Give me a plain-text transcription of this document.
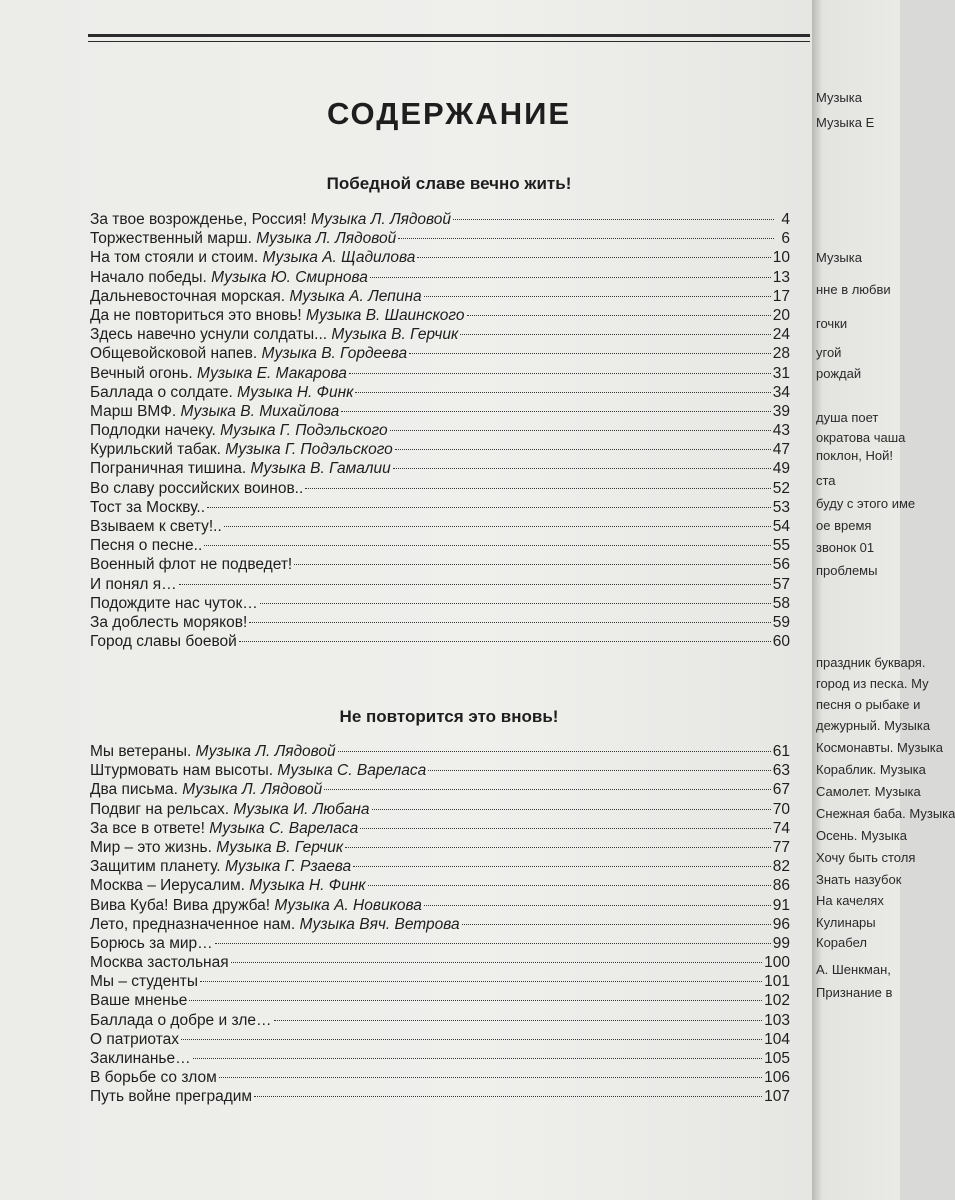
СОДЕРЖАНИЕ
Победной славе вечно жить!
За твое возрожденье, Россия! Музыка Л. Лядовой	4
Торжественный марш. Музыка Л. Лядовой	6
На том стояли и стоим. Музыка А. Щадилова	10
Начало победы. Музыка Ю. Смирнова	13
Дальневосточная морская. Музыка А. Лепина	17
Да не повториться это вновь! Музыка В. Шаинского	20
Здесь навечно уснули солдаты... Музыка В. Герчик	24
Общевойсковой напев. Музыка В. Гордеева	28
Вечный огонь. Музыка Е. Макарова	31
Баллада о солдате. Музыка Н. Финк	34
Марш ВМФ. Музыка В. Михайлова	39
Подлодки начеку. Музыка Г. Подэльского	43
Курильский табак. Музыка Г. Подэльского	47
Пограничная тишина. Музыка В. Гамалии	49
Во славу российских воинов..	52
Тост за Москву..	53
Взываем к свету!..	54
Песня о песне..	55
Военный флот не подведет!	56
И понял я…	57
Подождите нас чуток…	58
За доблесть моряков!	59
Город славы боевой	60
Не повторится это вновь!
Мы ветераны. Музыка Л. Лядовой	61
Штурмовать нам высоты. Музыка С. Вареласа	63
Два письма. Музыка Л. Лядовой	67
Подвиг на рельсах. Музыка И. Любана	70
За все в ответе! Музыка С. Вареласа	74
Мир – это жизнь. Музыка В. Герчик	77
Защитим планету. Музыка Г. Рзаева	82
Москва – Иерусалим. Музыка Н. Финк	86
Вива Куба! Вива дружба! Музыка А. Новикова	91
Лето, предназначенное нам. Музыка Вяч. Ветрова	96
Борюсь за мир…	99
Москва застольная	100
Мы – студенты	101
Ваше мненье	102
Баллада о добре и зле…	103
О патриотах	104
Заклинанье…	105
В борьбе со злом	106
Путь войне преградим	107
Музыка
Музыка Е
Музыка
нне в любви
гочки
угой
рождай
душа поет
ократова чаша
поклон, Ной!
ста
буду с этого име
ое время
звонок 01
проблемы
праздник букваря.
город из песка. Му
песня о рыбаке и
дежурный. Музыка
Космонавты. Музыка
Кораблик. Музыка
Самолет. Музыка
Снежная баба. Музыка
Осень. Музыка
Хочу быть столя
Знать назубок
На качелях
Кулинары
Корабел
А. Шенкман,
Признание в
